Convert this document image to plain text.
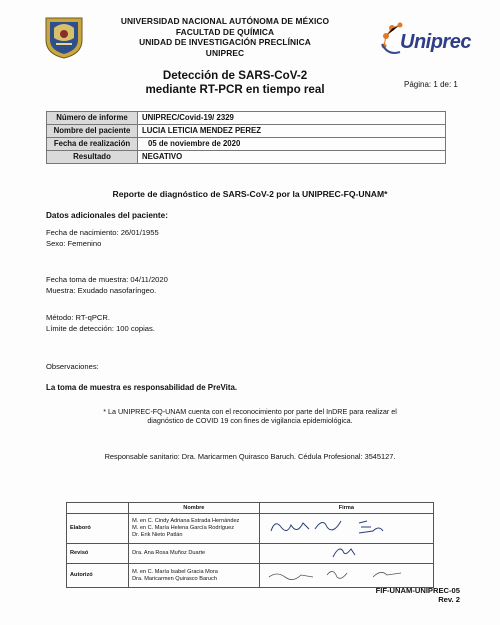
UNIVERSIDAD NACIONAL AUTÓNOMA DE MÉXICO
FACULTAD DE QUÍMICA
UNIDAD DE INVESTIGACIÓN PRECLÍNICA
UNIPREC	Uniprec
Detección de SARS-CoV-2
mediante RT-PCR en tiempo real	Página: 1 de: 1
Número de informe	UNIPREC/Covid-19/ 2329
Nombre del paciente	LUCIA LETICIA MENDEZ PEREZ
Fecha de realización	05 de noviembre de 2020
Resultado	NEGATIVO
Reporte de diagnóstico de SARS-CoV-2 por la UNIPREC-FQ-UNAM*
Datos adicionales del paciente:
Fecha de nacimiento: 26/01/1955
Sexo: Femenino
Fecha toma de muestra: 04/11/2020
Muestra: Exudado nasofaríngeo.
Método: RT-qPCR.
Límite de detección: 100 copias.
Observaciones:
La toma de muestra es responsabilidad de PreVita.
* La UNIPREC-FQ-UNAM cuenta con el reconocimiento por parte del InDRE para realizar el
diagnóstico de COVID 19 con fines de vigilancia epidemiológica.
Responsable sanitario: Dra. Maricarmen Quirasco Baruch. Cédula Profesional: 3545127.
	Nombre	Firma
Elaboró	M. en C. Cindy Adriana Estrada Hernández
M. en C. María Helena García Rodríguez
Dr. Erik Nieto Patlán

Revisó	Dra. Ana Rosa Muñoz Duarte

Autorizó	M. en C. María Isabel Gracia Mora
Dra. Maricarmen Quirasco Baruch

FIF-UNAM-UNIPREC-05
Rev. 2
